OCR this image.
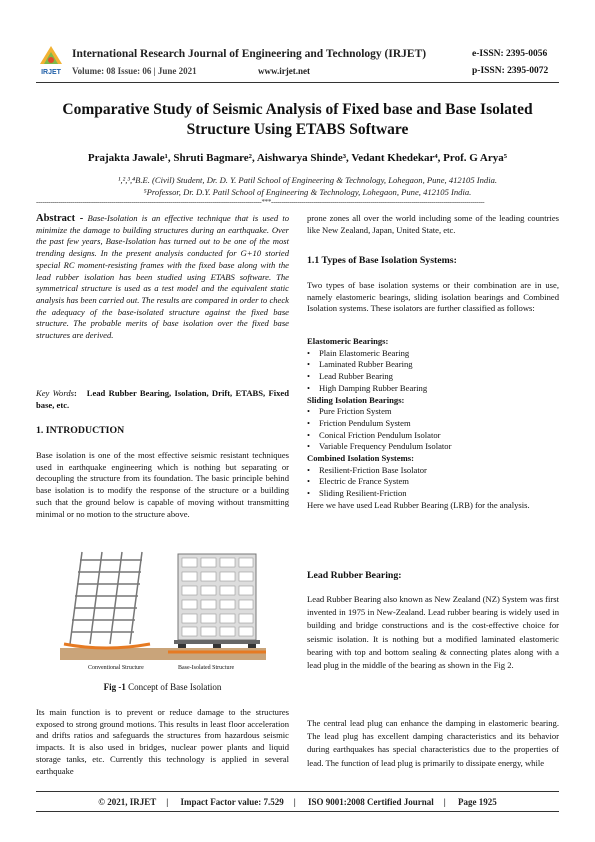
IRJET
International Research Journal of Engineering and Technology (IRJET)
Volume: 08 Issue: 06 | June 2021	www.irjet.net
e-ISSN: 2395-0056
p-ISSN: 2395-0072
Comparative Study of Seismic Analysis of Fixed base and Base Isolated Structure Using ETABS Software
Prajakta Jawale¹, Shruti Bagmare², Aishwarya Shinde³, Vedant Khedekar⁴, Prof. G Arya⁵
¹,²,³,⁴B.E. (Civil) Student, Dr. D. Y. Patil School of Engineering & Technology, Lohegaon, Pune, 412105 India.
⁵Professor, Dr. D.Y. Patil School of Engineering & Technology, Lohegaon, Pune, 412105 India.
---------------------------------------------------------------------------------------------------------------***---------------------------------------------------------------------------------------------------------
Abstract - Base-Isolation is an effective technique that is used to minimize the damage to building structures during an earthquake. Over the past few years, Base-Isolation has turned out to be one of the most trending designs. In the present analysis conducted for G+10 storied special RC moment-resisting frames with the fixed base along with the lead rubber isolation has been studied using ETABS software. The symmetrical structure is used as a test model and the equivalent static analysis has been carried out. The results are compared in order to check the adequacy of the base-isolated structure against the fixed base structure. The probable merits of base isolation over the fixed base structures are derived.
Key Words:   Lead Rubber Bearing, Isolation, Drift, ETABS, Fixed base, etc.
1. INTRODUCTION
Base isolation is one of the most effective seismic resistant techniques used in earthquake engineering which is nothing but separating or decoupling the structure from its foundation. The basic principle behind base isolation is to modify the response of the structure or a building such that the ground below is capable of moving without transmitting minimal or no motion to the structure above.
Conventional Structure	Base-Isolated Structure
Fig -1 Concept of Base Isolation
Its main function is to prevent or reduce damage to the structures exposed to strong ground motions. This results in least floor acceleration and drifts ratios and safeguards the structures from hazardous seismic impacts. It is also used in bridges, nuclear power plants and liquid storage tanks, etc. Currently this technology is applied in several earthquake
prone zones all over the world including some of the leading countries like New Zealand, Japan, United State, etc.
1.1 Types of Base Isolation Systems:
Two types of base isolation systems or their combination are in use, namely elastomeric bearings, sliding isolation bearings and Combined Isolation systems. These isolators are further classified as follows:
Elastomeric Bearings:
•	Plain Elastomeric Bearing
•	Laminated Rubber Bearing
•	Lead Rubber Bearing
•	High Damping Rubber Bearing
Sliding Isolation Bearings:
•	Pure Friction System
•	Friction Pendulum System
•	Conical Friction Pendulum Isolator
•	Variable Frequency Pendulum Isolator
Combined Isolation Systems:
•	Resilient-Friction Base Isolator
•	Electric de France System
•	Sliding Resilient-Friction
Here we have used Lead Rubber Bearing (LRB) for the analysis.
Lead Rubber Bearing:
Lead Rubber Bearing also known as New Zealand (NZ) System was first invented in 1975 in New-Zealand. Lead rubber bearing is widely used in building and bridge constructions and is the cost-effective choice for seismic isolation. It is nothing but a modified laminated elastomeric bearing with top and bottom sealing & connecting plates along with a lead plug in the middle of the bearing as shown in the Fig 2.
The central lead plug can enhance the damping in elastomeric bearing. The lead plug has excellent damping characteristics and its behavior during earthquakes has special characteristics due to the properties of lead. The function of lead plug is primarily to dissipate energy, while
© 2021, IRJET | Impact Factor value: 7.529 | ISO 9001:2008 Certified Journal | Page 1925
